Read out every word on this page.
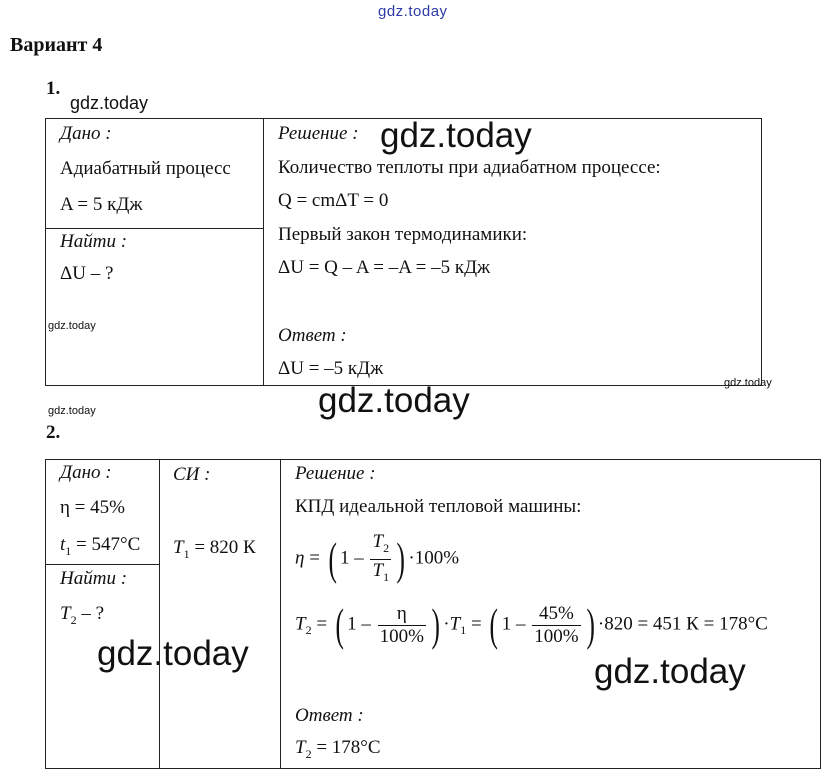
gdz.today
gdz.today
gdz.today
gdz.today
gdz.today
gdz.today
gdz.today
gdz.today	gdz.today
Вариант 4
1.
Дано :
Адиабатный процесс
A = 5 кДж
Найти :
ΔU – ?
Решение :
Количество теплоты при адиабатном процессе:
Q = cmΔT = 0
Первый закон термодинамики:
ΔU = Q – A = –A = –5 кДж
Ответ :
ΔU = –5 кДж
2.
Дано :
η = 45%
$t_1 = 547^\circ C$
Найти :
$T_2$ – ?
СИ :
$T_1 = 820$ К
Решение :
КПД идеальной тепловой машины:
η = ( $1 - \frac{T_2}{T_1}$ ) ·100%
$T_2$ = ( $1 - \frac{\eta}{100\%}$ ) $\cdot T_1$ = ( $1 - \frac{45\%}{100\%}$ ) ·820 = 451 К = 178°C
Ответ :
$T_2 = 178^\circ C$
